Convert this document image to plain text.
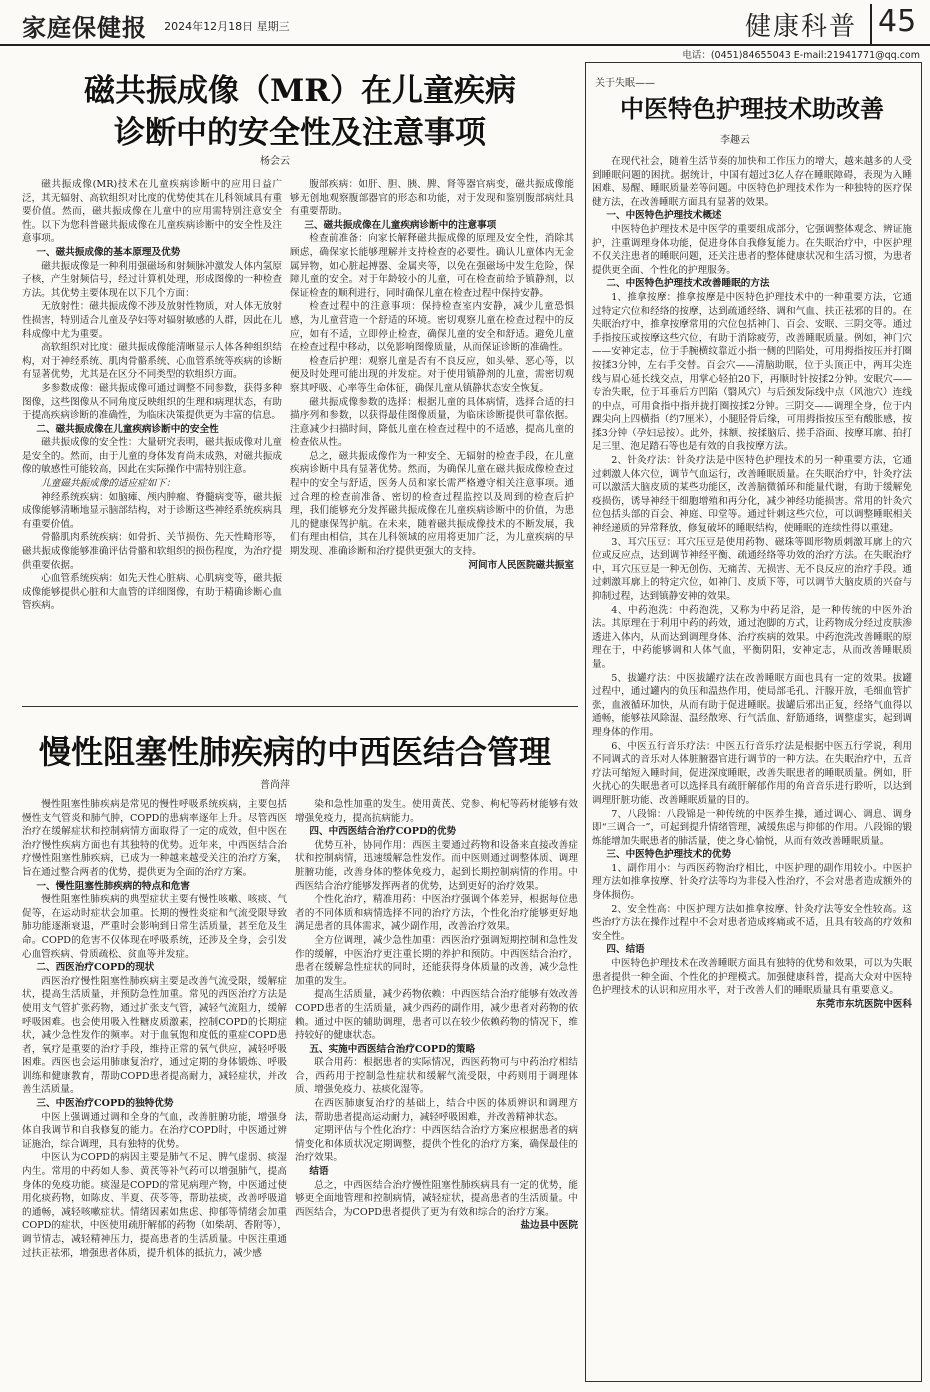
家庭保健报 2024年12月18日 星期三	健康科普 45
电话：(0451)84655043 E-mail:21941771@qq.com
磁共振成像（MR）在儿童疾病
诊断中的安全性及注意事项
杨会云

磁共振成像(MR)技术在儿童疾病诊断中的应用日益广泛，其无辐射、高软组织对比度的优势使其在儿科领域具有重要价值。然而，磁共振成像在儿童中的应用需特别注意安全性。以下为您科普磁共振成像在儿童疾病诊断中的安全性及注意事项。

一、磁共振成像的基本原理及优势

磁共振成像是一种利用强磁场和射频脉冲激发人体内氢原子核，产生射频信号，经过计算机处理，形成图像的一种检查方法。其优势主要体现在以下几个方面：

无放射性：磁共振成像不涉及放射性物质，对人体无放射性损害，特别适合儿童及孕妇等对辐射敏感的人群，因此在儿科成像中尤为重要。

高软组织对比度：磁共振成像能清晰显示人体各种组织结构，对于神经系统、肌肉骨骼系统、心血管系统等疾病的诊断有显著优势，尤其是在区分不同类型的软组织方面。

多参数成像：磁共振成像可通过调整不同参数，获得多种图像，这些图像从不同角度反映组织的生理和病理状态，有助于提高疾病诊断的准确性，为临床决策提供更为丰富的信息。

二、磁共振成像在儿童疾病诊断中的安全性

磁共振成像的安全性：大量研究表明，磁共振成像对儿童是安全的。然而，由于儿童的身体发育尚未成熟，对磁共振成像的敏感性可能较高，因此在实际操作中需特别注意。

儿童磁共振成像的适应症如下：

神经系统疾病：如脑瘫、颅内肿瘤、脊髓病变等，磁共振成像能够清晰地显示脑部结构，对于诊断这些神经系统疾病具有重要价值。

骨骼肌肉系统疾病：如骨折、关节损伤、先天性畸形等，磁共振成像能够准确评估骨骼和软组织的损伤程度，为治疗提供重要依据。

心血管系统疾病：如先天性心脏病、心肌病变等，磁共振成像能够提供心脏和大血管的详细图像，有助于精确诊断心血管疾病。

腹部疾病：如肝、胆、胰、脾、肾等器官病变，磁共振成像能够无创地观察腹部器官的形态和功能，对于发现和鉴别腹部病灶具有重要帮助。

三、磁共振成像在儿童疾病诊断中的注意事项

检查前准备：向家长解释磁共振成像的原理及安全性，消除其顾虑，确保家长能够理解并支持检查的必要性。确认儿童体内无金属异物，如心脏起搏器、金属夹等，以免在强磁场中发生危险，保障儿童的安全。对于年龄较小的儿童，可在检查前给予镇静剂，以保证检查的顺利进行，同时确保儿童在检查过程中保持安静。

检查过程中的注意事项：保持检查室内安静，减少儿童恐惧感，为儿童营造一个舒适的环境。密切观察儿童在检查过程中的反应，如有不适，立即停止检查，确保儿童的安全和舒适。避免儿童在检查过程中移动，以免影响图像质量，从而保证诊断的准确性。

检查后护理：观察儿童是否有不良反应，如头晕、恶心等，以便及时处理可能出现的并发症。对于使用镇静剂的儿童，需密切观察其呼吸、心率等生命体征，确保儿童从镇静状态安全恢复。

磁共振成像参数的选择：根据儿童的具体病情，选择合适的扫描序列和参数，以获得最佳图像质量，为临床诊断提供可靠依据。注意减少扫描时间，降低儿童在检查过程中的不适感，提高儿童的检查依从性。

总之，磁共振成像作为一种安全、无辐射的检查手段，在儿童疾病诊断中具有显著优势。然而，为确保儿童在磁共振成像检查过程中的安全与舒适，医务人员和家长需严格遵守相关注意事项。通过合理的检查前准备、密切的检查过程监控以及周到的检查后护理，我们能够充分发挥磁共振成像在儿童疾病诊断中的价值，为患儿的健康保驾护航。在未来，随着磁共振成像技术的不断发展，我们有理由相信，其在儿科领域的应用将更加广泛，为儿童疾病的早期发现、准确诊断和治疗提供更强大的支持。

河间市人民医院磁共振室

慢性阻塞性肺疾病的中西医结合管理
普尚萍

慢性阻塞性肺疾病是常见的慢性呼吸系统疾病，主要包括慢性支气管炎和肺气肿，COPD的患病率逐年上升。尽管西医治疗在缓解症状和控制病情方面取得了一定的成效，但中医在治疗慢性疾病方面也有其独特的优势。近年来，中西医结合治疗慢性阻塞性肺疾病，已成为一种越来越受关注的治疗方案，旨在通过整合两者的优势，提供更为全面的治疗方案。

一、慢性阻塞性肺疾病的特点和危害

慢性阻塞性肺疾病的典型症状主要有慢性咳嗽、咳痰、气促等，在运动时症状会加重。长期的慢性炎症和气流受限导致肺功能逐渐衰退，严重时会影响到日常生活质量，甚至危及生命。COPD的危害不仅体现在呼吸系统，还涉及全身，会引发心血管疾病、骨质疏松、贫血等并发症。

二、西医治疗COPD的现状

西医治疗慢性阻塞性肺疾病主要是改善气流受限，缓解症状，提高生活质量，并预防急性加重。常见的西医治疗方法是使用支气管扩张药物，通过扩张支气管，减轻气流阻力，缓解呼吸困难。也会使用吸入性糖皮质激素，控制COPD的长期症状，减少急性发作的频率。对于血氧饱和度低的重症COPD患者，氧疗是重要的治疗手段，维持正常的氧气供应，减轻呼吸困难。西医也会运用肺康复治疗，通过定期的身体锻炼、呼吸训练和健康教育，帮助COPD患者提高耐力，减轻症状，并改善生活质量。

三、中医治疗COPD的独特优势

中医上强调通过调和全身的气血，改善脏腑功能，增强身体自我调节和自我修复的能力。在治疗COPD时，中医通过辨证施治，综合调理，具有独特的优势。

中医认为COPD的病因主要是肺气不足、脾气虚弱、痰湿内生。常用的中药如人参、黄芪等补气药可以增强肺气，提高身体的免疫功能。痰湿是COPD的常见病理产物，中医通过使用化痰药物，如陈皮、半夏、茯苓等，帮助祛痰，改善呼吸道的通畅，减轻咳嗽症状。情绪因素如焦虑、抑郁等情绪会加重COPD的症状，中医使用疏肝解郁的药物（如柴胡、香附等），调节情志，减轻精神压力，提高患者的生活质量。中医注重通过扶正祛邪，增强患者体质，提升机体的抵抗力，减少感

染和急性加重的发生。使用黄芪、党参、枸杞等药材能够有效增强免疫力，提高抗病能力。

四、中西医结合治疗COPD的优势

优势互补，协同作用：西医主要通过药物和设备来直接改善症状和控制病情，迅速缓解急性发作。而中医则通过调整体质、调理脏腑功能，改善身体的整体免疫力，起到长期控制病情的作用。中西医结合治疗能够发挥两者的优势，达到更好的治疗效果。

个性化治疗，精准用药：中医治疗强调个体差异，根据每位患者的不同体质和病情选择不同的治疗方法，个性化治疗能够更好地满足患者的具体需求，减少副作用，改善治疗效果。

全方位调理，减少急性加重：西医治疗强调短期控制和急性发作的缓解，中医治疗更注重长期的养护和预防。中西医结合治疗，患者在缓解急性症状的同时，还能获得身体质量的改善，减少急性加重的发生。

提高生活质量，减少药物依赖：中西医结合治疗能够有效改善COPD患者的生活质量，减少西药的副作用，减少患者对药物的依赖。通过中医的辅助调理，患者可以在较少依赖药物的情况下，维持较好的健康状态。

五、实施中西医结合治疗COPD的策略

联合用药：根据患者的实际情况，西医药物可与中药治疗相结合，西药用于控制急性症状和缓解气流受限，中药则用于调理体质、增强免疫力、祛痰化湿等。

在西医肺康复治疗的基础上，结合中医的体质辨识和调理方法，帮助患者提高运动耐力，减轻呼吸困难，并改善精神状态。

定期评估与个性化治疗：中西医结合治疗方案应根据患者的病情变化和体质状况定期调整，提供个性化的治疗方案，确保最佳的治疗效果。

结语

总之，中西医结合治疗慢性阻塞性肺疾病具有一定的优势，能够更全面地管理和控制病情，减轻症状，提高患者的生活质量。中西医结合，为COPD患者提供了更为有效和综合的治疗方案。

盐边县中医院

关于失眠——
中医特色护理技术助改善
李趣云

在现代社会，随着生活节奏的加快和工作压力的增大，越来越多的人受到睡眠问题的困扰。据统计，中国有超过3亿人存在睡眠障碍，表现为入睡困难、易醒、睡眠质量差等问题。中医特色护理技术作为一种独特的医疗保健方法，在改善睡眠方面具有显著的效果。

一、中医特色护理技术概述

中医特色护理技术是中医学的重要组成部分，它强调整体观念、辨证施护，注重调理身体功能，促进身体自我修复能力。在失眠治疗中，中医护理不仅关注患者的睡眠问题，还关注患者的整体健康状况和生活习惯，为患者提供更全面、个性化的护理服务。

二、中医特色护理技术改善睡眠的方法

1、推拿按摩：推拿按摩是中医特色护理技术中的一种重要方法，它通过特定穴位和经络的按摩，达到疏通经络、调和气血、扶正祛邪的目的。在失眠治疗中，推拿按摩常用的穴位包括神门、百会、安眠、三阴交等。通过手指按压或按摩这些穴位，有助于消除疲劳，改善睡眠质量。例如，神门穴——安神定志，位于手腕横纹靠近小指一侧的凹陷处，可用拇指按压并打圈按揉3分钟，左右手交替。百会穴——清脑助眠，位于头顶正中，两耳尖连线与眉心延长线交点，用掌心轻拍20下，再顺时针按揉2分钟。安眠穴——专治失眠，位于耳垂后方凹陷（翳风穴）与后颈发际线中点（风池穴）连线的中点，可用食指中指并拢打圈按揉2分钟。三阴交——调理全身，位于内踝尖向上四横指（约7厘米），小腿胫骨后缘，可用拇指按压至有酸胀感，按揉3分钟（孕妇忌按）。此外，抹额、按揉脑后、搓手浴面、按摩耳廓、拍打足三里、泡足踏石等也是有效的自我按摩方法。

2、针灸疗法：针灸疗法是中医特色护理技术的另一种重要方法，它通过刺激人体穴位，调节气血运行，改善睡眠质量。在失眠治疗中，针灸疗法可以激活大脑皮质的某些功能区，改善脑微循环和能量代谢，有助于缓解免疫损伤，诱导神经干细胞增殖和再分化，减少神经功能损害。常用的针灸穴位包括头部的百会、神庭、印堂等。通过针刺这些穴位，可以调整睡眠相关神经递质的异常释放，修复破坏的睡眠结构，使睡眠的连续性得以重建。

3、耳穴压豆：耳穴压豆是使用药物、磁珠等圆形物质刺激耳廓上的穴位或反应点，达到调节神经平衡、疏通经络等功效的治疗方法。在失眠治疗中，耳穴压豆是一种无创伤、无痛苦、无损害、无不良反应的治疗手段。通过刺激耳廓上的特定穴位，如神门、皮质下等，可以调节大脑皮质的兴奋与抑制过程，达到镇静安神的效果。

4、中药泡洗：中药泡洗，又称为中药足浴，是一种传统的中医外治法。其原理在于利用中药的药效，通过泡脚的方式，让药物成分经过皮肤渗透进入体内，从而达到调理身体、治疗疾病的效果。中药泡洗改善睡眠的原理在于，中药能够调和人体气血，平衡阴阳，安神定志，从而改善睡眠质量。

5、拔罐疗法：中医拔罐疗法在改善睡眠方面也具有一定的效果。拔罐过程中，通过罐内的负压和温热作用，使局部毛孔、汗腺开放，毛细血管扩张，血液循环加快，从而有助于促进睡眠。拔罐后邪出正复，经络气血得以通畅，能够祛风除湿、温经散寒、行气活血、舒筋通络，调整虚实，起到调理身体的作用。

6、中医五行音乐疗法：中医五行音乐疗法是根据中医五行学说，利用不同调式的音乐对人体脏腑器官进行调节的一种方法。在失眠治疗中，五音疗法可缩短入睡时间，促进深度睡眠，改善失眠患者的睡眠质量。例如，肝火扰心的失眠患者可以选择具有疏肝解郁作用的角音音乐进行聆听，以达到调理肝脏功能、改善睡眠质量的目的。

7、八段锦：八段锦是一种传统的中医养生操，通过调心、调息、调身即“三调合一”，可起到提升情绪管理，减缓焦虑与抑郁的作用。八段锦的锻炼能增加失眠患者的肺活量，使之身心愉悦，从而有效改善睡眠质量。

三、中医特色护理技术的优势

1、副作用小：与西医药物治疗相比，中医护理的副作用较小。中医护理方法如推拿按摩、针灸疗法等均为非侵入性治疗，不会对患者造成额外的身体损伤。

2、安全性高：中医护理方法如推拿按摩、针灸疗法等安全性较高。这些治疗方法在操作过程中不会对患者造成疼痛或不适，且具有较高的疗效和安全性。

四、结语

中医特色护理技术在改善睡眠方面具有独特的优势和效果，可以为失眠患者提供一种全面、个性化的护理模式。加强健康科普，提高大众对中医特色护理技术的认识和应用水平，对于改善人们的睡眠质量具有重要意义。

东莞市东坑医院中医科
